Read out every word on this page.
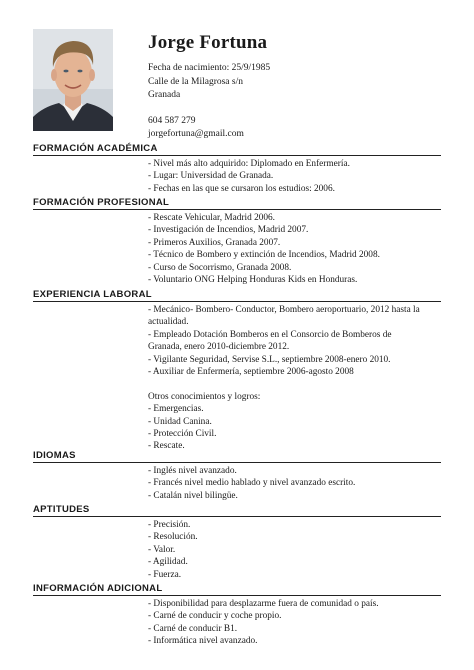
Jorge Fortuna

Fecha de nacimiento: 25/9/1985

Calle de la Milagrosa s/n

Granada

604 587 279

jorgefortuna@gmail.com

FORMACIÓN ACADÉMICA

- Nivel más alto adquirido: Diplomado en Enfermería.

- Lugar: Universidad de Granada.

- Fechas en las que se cursaron los estudios: 2006.

FORMACIÓN PROFESIONAL

- Rescate Vehicular, Madrid 2006.

- Investigación de Incendios, Madrid 2007.

- Primeros Auxilios, Granada 2007.

- Técnico de Bombero y extinción de Incendios, Madrid 2008.

- Curso de Socorrismo, Granada 2008.

- Voluntario ONG Helping Honduras Kids en Honduras.

EXPERIENCIA LABORAL

- Mecánico- Bombero- Conductor, Bombero aeroportuario, 2012 hasta la

actualidad.

- Empleado Dotación Bomberos en el Consorcio de Bomberos de

Granada, enero 2010-diciembre 2012.

- Vigilante Seguridad, Servise S.L., septiembre 2008-enero 2010.

- Auxiliar de Enfermería, septiembre 2006-agosto 2008

Otros conocimientos y logros:

- Emergencias.

- Unidad Canina.

- Protección Civil.

- Rescate.

IDIOMAS

- Inglés nivel avanzado.

- Francés nivel medio hablado y nivel avanzado escrito.

- Catalán nivel bilingüe.

APTITUDES

- Precisión.

- Resolución.

- Valor.

- Agilidad.

- Fuerza.

INFORMACIÓN ADICIONAL

- Disponibilidad para desplazarme fuera de comunidad o país.

- Carné de conducir y coche propio.

- Carné de conducir B1.

- Informática nivel avanzado.
